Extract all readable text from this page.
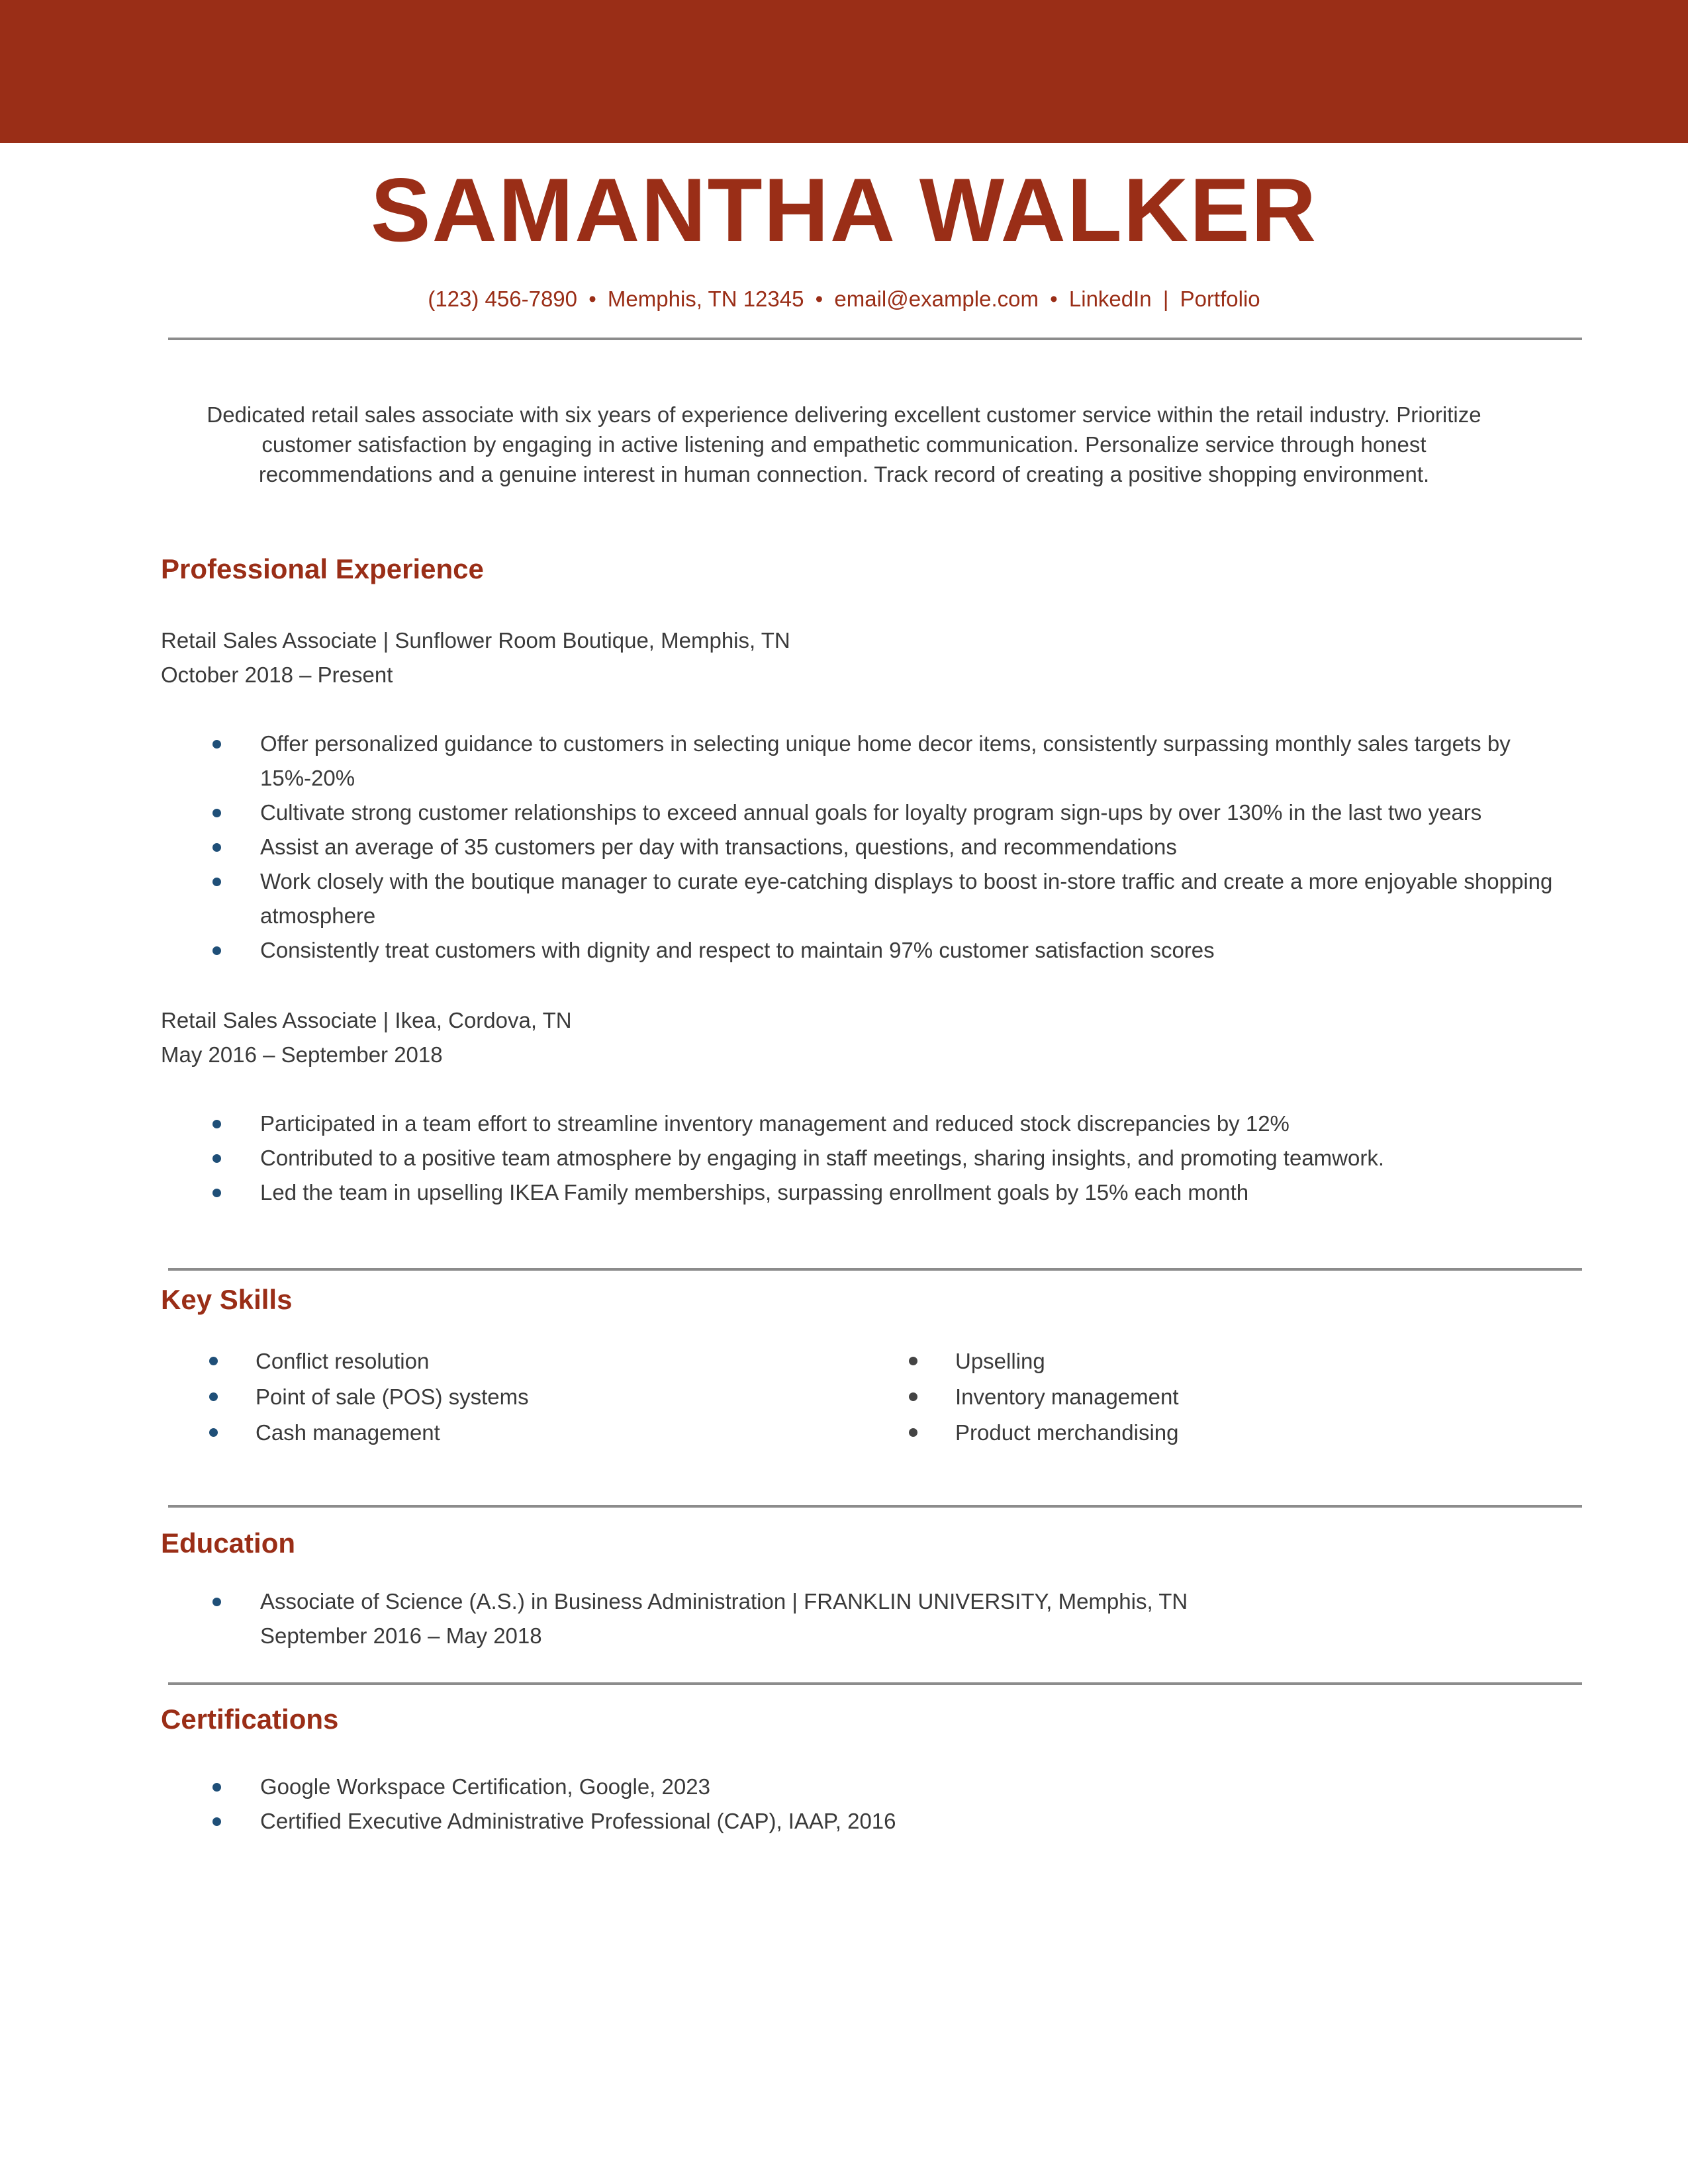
SAMANTHA WALKER
(123) 456-7890 • Memphis, TN 12345 • email@example.com • LinkedIn | Portfolio
Dedicated retail sales associate with six years of experience delivering excellent customer service within the retail industry. Prioritize customer satisfaction by engaging in active listening and empathetic communication. Personalize service through honest recommendations and a genuine interest in human connection. Track record of creating a positive shopping environment.
Professional Experience
Retail Sales Associate | Sunflower Room Boutique, Memphis, TN
October 2018 – Present
Offer personalized guidance to customers in selecting unique home decor items, consistently surpassing monthly sales targets by 15%-20%
Cultivate strong customer relationships to exceed annual goals for loyalty program sign-ups by over 130% in the last two years
Assist an average of 35 customers per day with transactions, questions, and recommendations
Work closely with the boutique manager to curate eye-catching displays to boost in-store traffic and create a more enjoyable shopping atmosphere
Consistently treat customers with dignity and respect to maintain 97% customer satisfaction scores
Retail Sales Associate | Ikea, Cordova, TN
May 2016 – September 2018
Participated in a team effort to streamline inventory management and reduced stock discrepancies by 12%
Contributed to a positive team atmosphere by engaging in staff meetings, sharing insights, and promoting teamwork.
Led the team in upselling IKEA Family memberships, surpassing enrollment goals by 15% each month
Key Skills
Conflict resolution
Point of sale (POS) systems
Cash management
Upselling
Inventory management
Product merchandising
Education
Associate of Science (A.S.) in Business Administration | FRANKLIN UNIVERSITY, Memphis, TN
September 2016 – May 2018
Certifications
Google Workspace Certification, Google, 2023
Certified Executive Administrative Professional (CAP), IAAP, 2016
